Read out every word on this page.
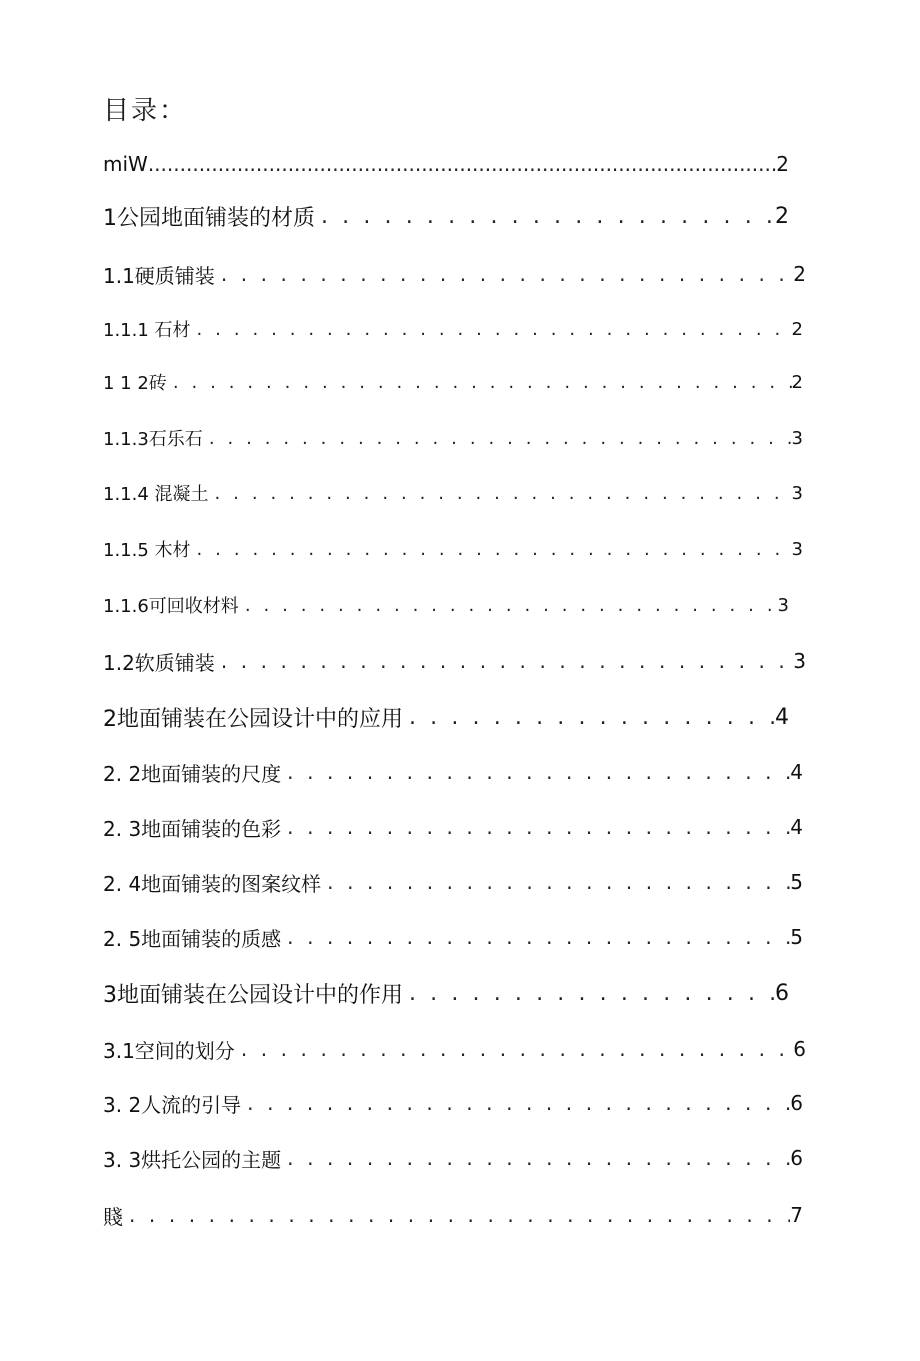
目录：
miW .....	2
1公园地面铺装的材质 . . .	2
1.1硬质铺装 . . .	2
1.1.1 石材 . . .	2
1 1 2砖 . . .	2
1.1.3石乐石 . . .	3
1.1.4 混凝土 . . .	3
1.1.5 木材 . . .	3
1.1.6可回收材料 . . .	3
1.2软质铺装 . . .	3
2地面铺装在公园设计中的应用 . . .	4
2. 2地面铺装的尺度 . . .	4
2. 3地面铺装的色彩 . . .	4
2. 4地面铺装的图案纹样 . . .	5
2. 5地面铺装的质感 . . .	5
3地面铺装在公园设计中的作用 . . .	6
3.1空间的划分 . . .	6
3. 2人流的引导 . . .	6
3. 3烘托公园的主题 . . .	6
賤 . . .	7
